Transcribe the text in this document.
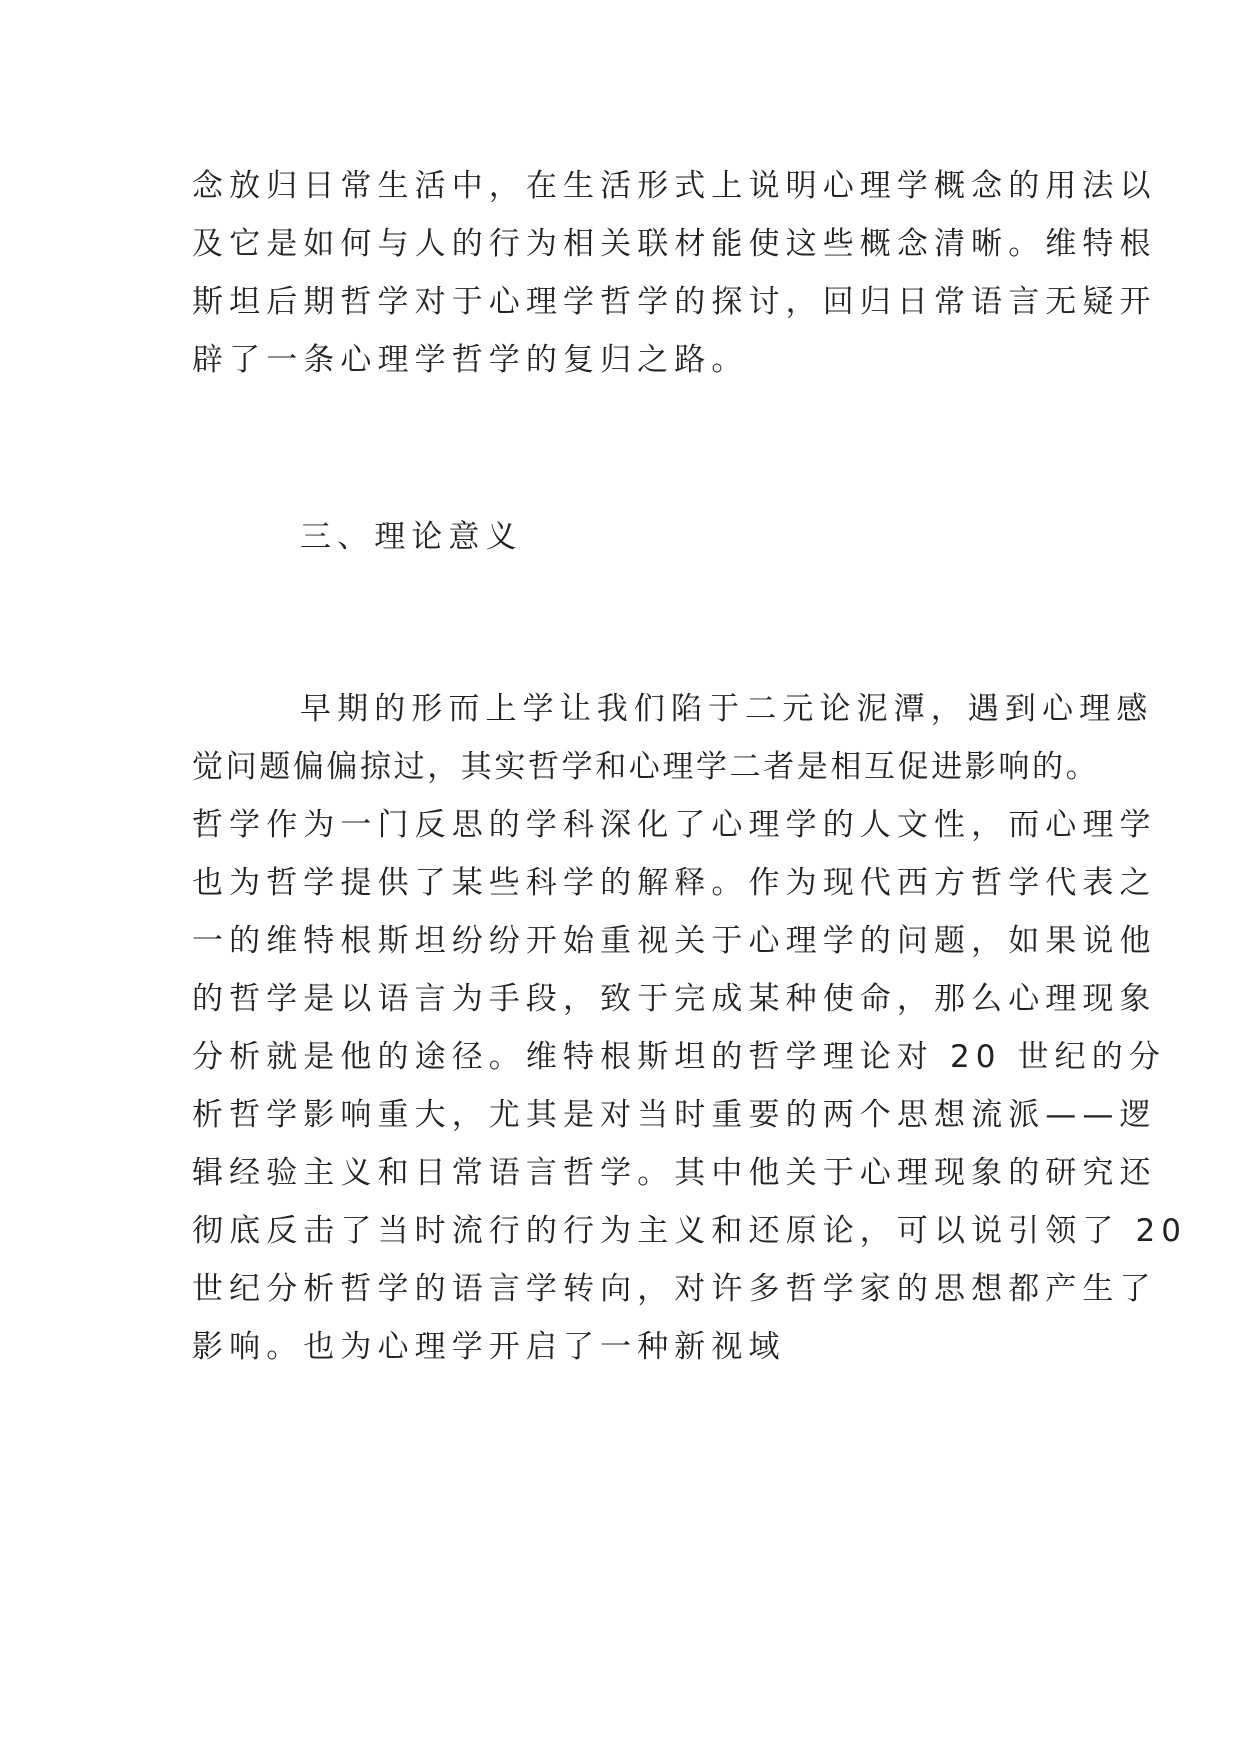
念放归日常生活中，在生活形式上说明心理学概念的用法以
及它是如何与人的行为相关联材能使这些概念清晰。维特根
斯坦后期哲学对于心理学哲学的探讨，回归日常语言无疑开
辟了一条心理学哲学的复归之路。
三、理论意义
早期的形而上学让我们陷于二元论泥潭，遇到心理感
觉问题偏偏掠过，其实哲学和心理学二者是相互促进影响的。
哲学作为一门反思的学科深化了心理学的人文性，而心理学
也为哲学提供了某些科学的解释。作为现代西方哲学代表之
一的维特根斯坦纷纷开始重视关于心理学的问题，如果说他
的哲学是以语言为手段，致于完成某种使命，那么心理现象
分析就是他的途径。维特根斯坦的哲学理论对 20 世纪的分
析哲学影响重大，尤其是对当时重要的两个思想流派——逻
辑经验主义和日常语言哲学。其中他关于心理现象的研究还
彻底反击了当时流行的行为主义和还原论，可以说引领了 20
世纪分析哲学的语言学转向，对许多哲学家的思想都产生了
影响。也为心理学开启了一种新视域
